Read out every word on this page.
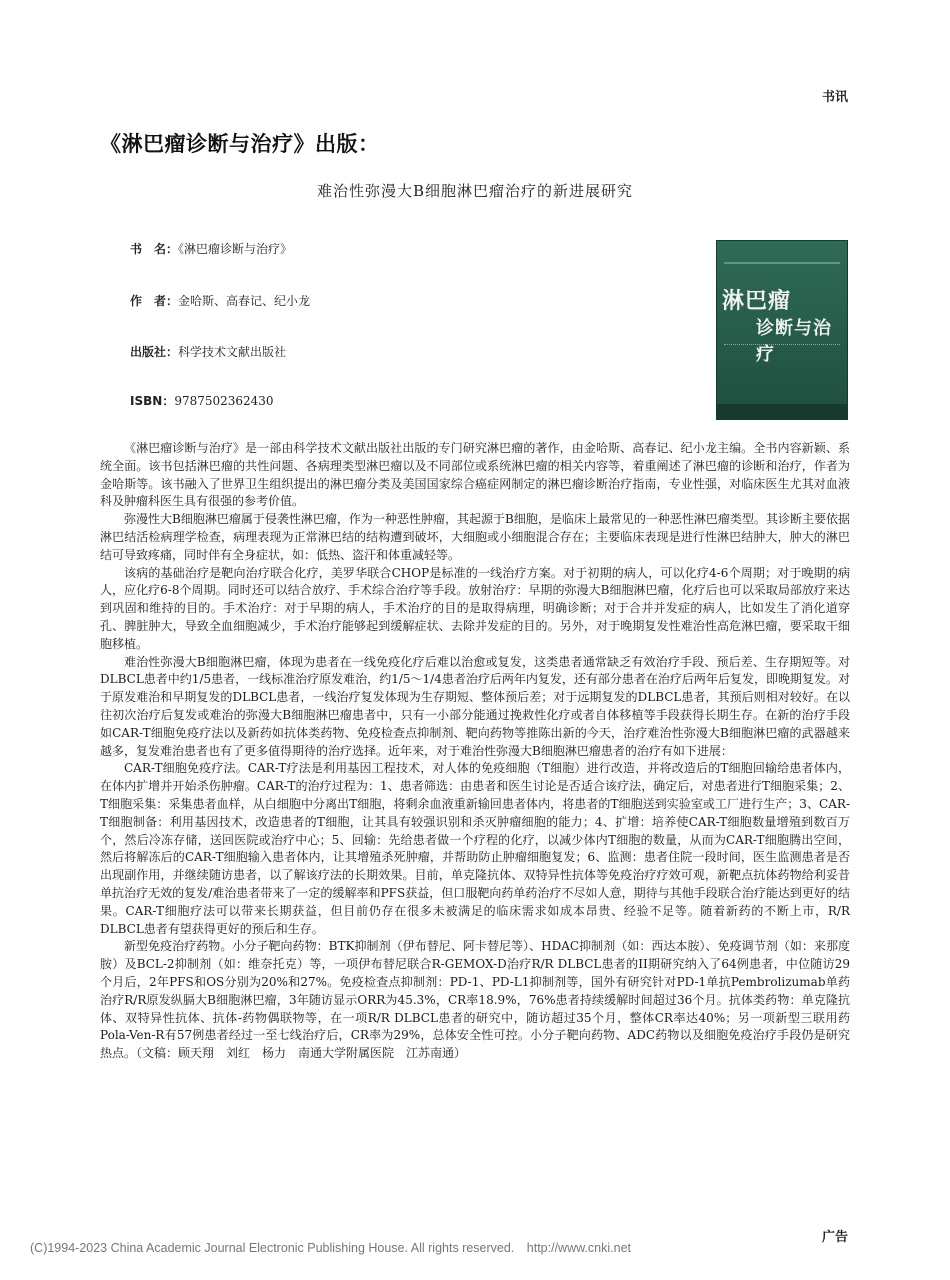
书讯
《淋巴瘤诊断与治疗》出版：
难治性弥漫大B细胞淋巴瘤治疗的新进展研究
书　名：《淋巴瘤诊断与治疗》
作　者：金哈斯、高春记、纪小龙
出版社：科学技术文献出版社
ISBN：9787502362430
淋巴瘤
诊断与治疗

《淋巴瘤诊断与治疗》是一部由科学技术文献出版社出版的专门研究淋巴瘤的著作，由金哈斯、高春记、纪小龙主编。全书内容新颖、系统全面。该书包括淋巴瘤的共性问题、各病理类型淋巴瘤以及不同部位或系统淋巴瘤的相关内容等，着重阐述了淋巴瘤的诊断和治疗，作者为金哈斯等。该书融入了世界卫生组织提出的淋巴瘤分类及美国国家综合癌症网制定的淋巴瘤诊断治疗指南，专业性强，对临床医生尤其对血液科及肿瘤科医生具有很强的参考价值。

弥漫性大B细胞淋巴瘤属于侵袭性淋巴瘤，作为一种恶性肿瘤，其起源于B细胞，是临床上最常见的一种恶性淋巴瘤类型。其诊断主要依据淋巴结活检病理学检查，病理表现为正常淋巴结的结构遭到破坏，大细胞或小细胞混合存在；主要临床表现是进行性淋巴结肿大，肿大的淋巴结可导致疼痛，同时伴有全身症状，如：低热、盗汗和体重减轻等。

该病的基础治疗是靶向治疗联合化疗，美罗华联合CHOP是标准的一线治疗方案。对于初期的病人，可以化疗4-6个周期；对于晚期的病人，应化疗6-8个周期。同时还可以结合放疗、手术综合治疗等手段。放射治疗：早期的弥漫大B细胞淋巴瘤，化疗后也可以采取局部放疗来达到巩固和维持的目的。手术治疗：对于早期的病人，手术治疗的目的是取得病理，明确诊断；对于合并并发症的病人，比如发生了消化道穿孔、脾脏肿大，导致全血细胞减少，手术治疗能够起到缓解症状、去除并发症的目的。另外，对于晚期复发性难治性高危淋巴瘤，要采取干细胞移植。

难治性弥漫大B细胞淋巴瘤，体现为患者在一线免疫化疗后难以治愈或复发，这类患者通常缺乏有效治疗手段、预后差、生存期短等。对DLBCL患者中约1/5患者，一线标准治疗原发难治，约1/5～1/4患者治疗后两年内复发，还有部分患者在治疗后两年后复发，即晚期复发。对于原发难治和早期复发的DLBCL患者，一线治疗复发体现为生存期短、整体预后差；对于远期复发的DLBCL患者，其预后则相对较好。在以往初次治疗后复发或难治的弥漫大B细胞淋巴瘤患者中，只有一小部分能通过挽救性化疗或者自体移植等手段获得长期生存。在新的治疗手段如CAR-T细胞免疫疗法以及新药如抗体类药物、免疫检查点抑制剂、靶向药物等推陈出新的今天，治疗难治性弥漫大B细胞淋巴瘤的武器越来越多，复发难治患者也有了更多值得期待的治疗选择。近年来，对于难治性弥漫大B细胞淋巴瘤患者的治疗有如下进展：

CAR-T细胞免疫疗法。CAR-T疗法是利用基因工程技术，对人体的免疫细胞（T细胞）进行改造，并将改造后的T细胞回输给患者体内，在体内扩增并开始杀伤肿瘤。CAR-T的治疗过程为：1、患者筛选：由患者和医生讨论是否适合该疗法，确定后，对患者进行T细胞采集；2、T细胞采集：采集患者血样，从白细胞中分离出T细胞，将剩余血液重新输回患者体内，将患者的T细胞送到实验室或工厂进行生产；3、CAR-T细胞制备：利用基因技术，改造患者的T细胞，让其具有较强识别和杀灭肿瘤细胞的能力；4、扩增：培养使CAR-T细胞数量增殖到数百万个，然后冷冻存储，送回医院或治疗中心；5、回输：先给患者做一个疗程的化疗，以减少体内T细胞的数量，从而为CAR-T细胞腾出空间，然后将解冻后的CAR-T细胞输入患者体内，让其增殖杀死肿瘤，并帮助防止肿瘤细胞复发；6、监测：患者住院一段时间，医生监测患者是否出现副作用，并继续随访患者，以了解该疗法的长期效果。目前，单克隆抗体、双特异性抗体等免疫治疗疗效可观，新靶点抗体药物给利妥昔单抗治疗无效的复发/难治患者带来了一定的缓解率和PFS获益，但口服靶向药单药治疗不尽如人意，期待与其他手段联合治疗能达到更好的结果。CAR-T细胞疗法可以带来长期获益，但目前仍存在很多未被满足的临床需求如成本昂贵、经验不足等。随着新药的不断上市，R/R DLBCL患者有望获得更好的预后和生存。

新型免疫治疗药物。小分子靶向药物：BTK抑制剂（伊布替尼、阿卡替尼等）、HDAC抑制剂（如：西达本胺）、免疫调节剂（如：来那度胺）及BCL-2抑制剂（如：维奈托克）等，一项伊布替尼联合R-GEMOX-D治疗R/R DLBCL患者的II期研究纳入了64例患者，中位随访29个月后，2年PFS和OS分别为20%和27%。免疫检查点抑制剂：PD-1、PD-L1抑制剂等，国外有研究针对PD-1单抗Pembrolizumab单药治疗R/R原发纵膈大B细胞淋巴瘤，3年随访显示ORR为45.3%，CR率18.9%，76%患者持续缓解时间超过36个月。抗体类药物：单克隆抗体、双特异性抗体、抗体-药物偶联物等，在一项R/R DLBCL患者的研究中，随访超过35个月，整体CR率达40%；另一项新型三联用药Pola-Ven-R有57例患者经过一至七线治疗后，CR率为29%，总体安全性可控。小分子靶向药物、ADC药物以及细胞免疫治疗手段仍是研究热点。（文稿：顾天翔　刘红　杨力　南通大学附属医院　江苏南通）

广告
(C)1994-2023 China Academic Journal Electronic Publishing House. All rights reserved.　http://www.cnki.net
